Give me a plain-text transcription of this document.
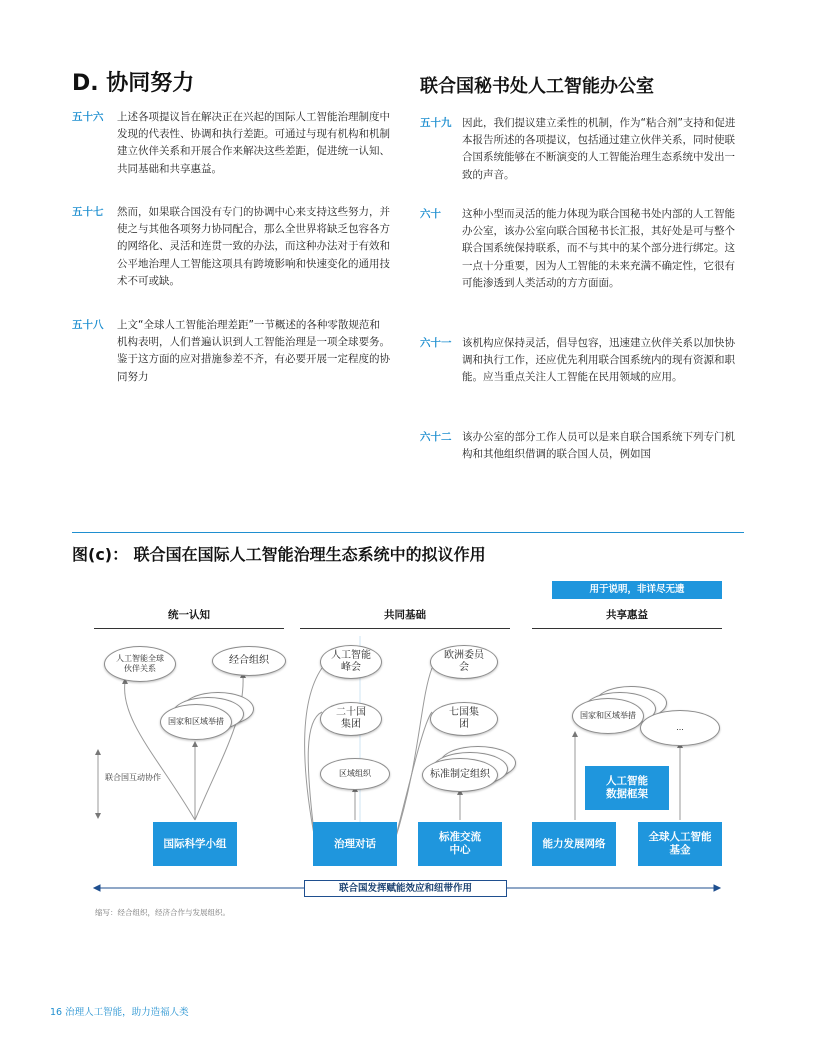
D. 协同努力	联合国秘书处人工智能办公室
五十六	上述各项提议旨在解决正在兴起的国际人工智能治理制度中发现的代表性、协调和执行差距。可通过与现有机构和机制建立伙伴关系和开展合作来解决这些差距，促进统一认知、共同基础和共享惠益。
五十七	然而，如果联合国没有专门的协调中心来支持这些努力，并使之与其他各项努力协同配合，那么全世界将缺乏包容各方的网络化、灵活和连贯一致的办法，而这种办法对于有效和公平地治理人工智能这项具有跨境影响和快速变化的通用技术不可或缺。
五十八	上文“全球人工智能治理差距”一节概述的各种零散规范和机构表明，人们普遍认识到人工智能治理是一项全球要务。鉴于这方面的应对措施参差不齐，有必要开展一定程度的协同努力
五十九	因此，我们提议建立柔性的机制，作为“粘合剂”支持和促进本报告所述的各项提议，包括通过建立伙伴关系，同时使联合国系统能够在不断演变的人工智能治理生态系统中发出一致的声音。
六十	这种小型而灵活的能力体现为联合国秘书处内部的人工智能办公室，该办公室向联合国秘书长汇报，其好处是可与整个联合国系统保持联系，而不与其中的某个部分进行绑定。这一点十分重要，因为人工智能的未来充满不确定性，它很有可能渗透到人类活动的方方面面。
六十一	该机构应保持灵活，倡导包容，迅速建立伙伴关系以加快协调和执行工作，还应优先利用联合国系统内的现有资源和职能。应当重点关注人工智能在民用领域的应用。
六十二	该办公室的部分工作人员可以是来自联合国系统下列专门机构和其他组织借调的联合国人员，例如国
图(c)： 联合国在国际人工智能治理生态系统中的拟议作用
用于说明，非详尽无遗
统一认知	共同基础	共享惠益
人工智能全球伙伴关系
经合组织
国家和区域举措
人工智能峰会
欧洲委员会
二十国集团
七国集团
区域组织	标准制定组织
国家和区域举措
...
联合国互动协作
国际科学小组	治理对话
标准交流中心
能力发展网络
人工智能数据框架
全球人工智能基金
联合国发挥赋能效应和纽带作用
缩写：经合组织，经济合作与发展组织。
16 治理人工智能，助力造福人类
